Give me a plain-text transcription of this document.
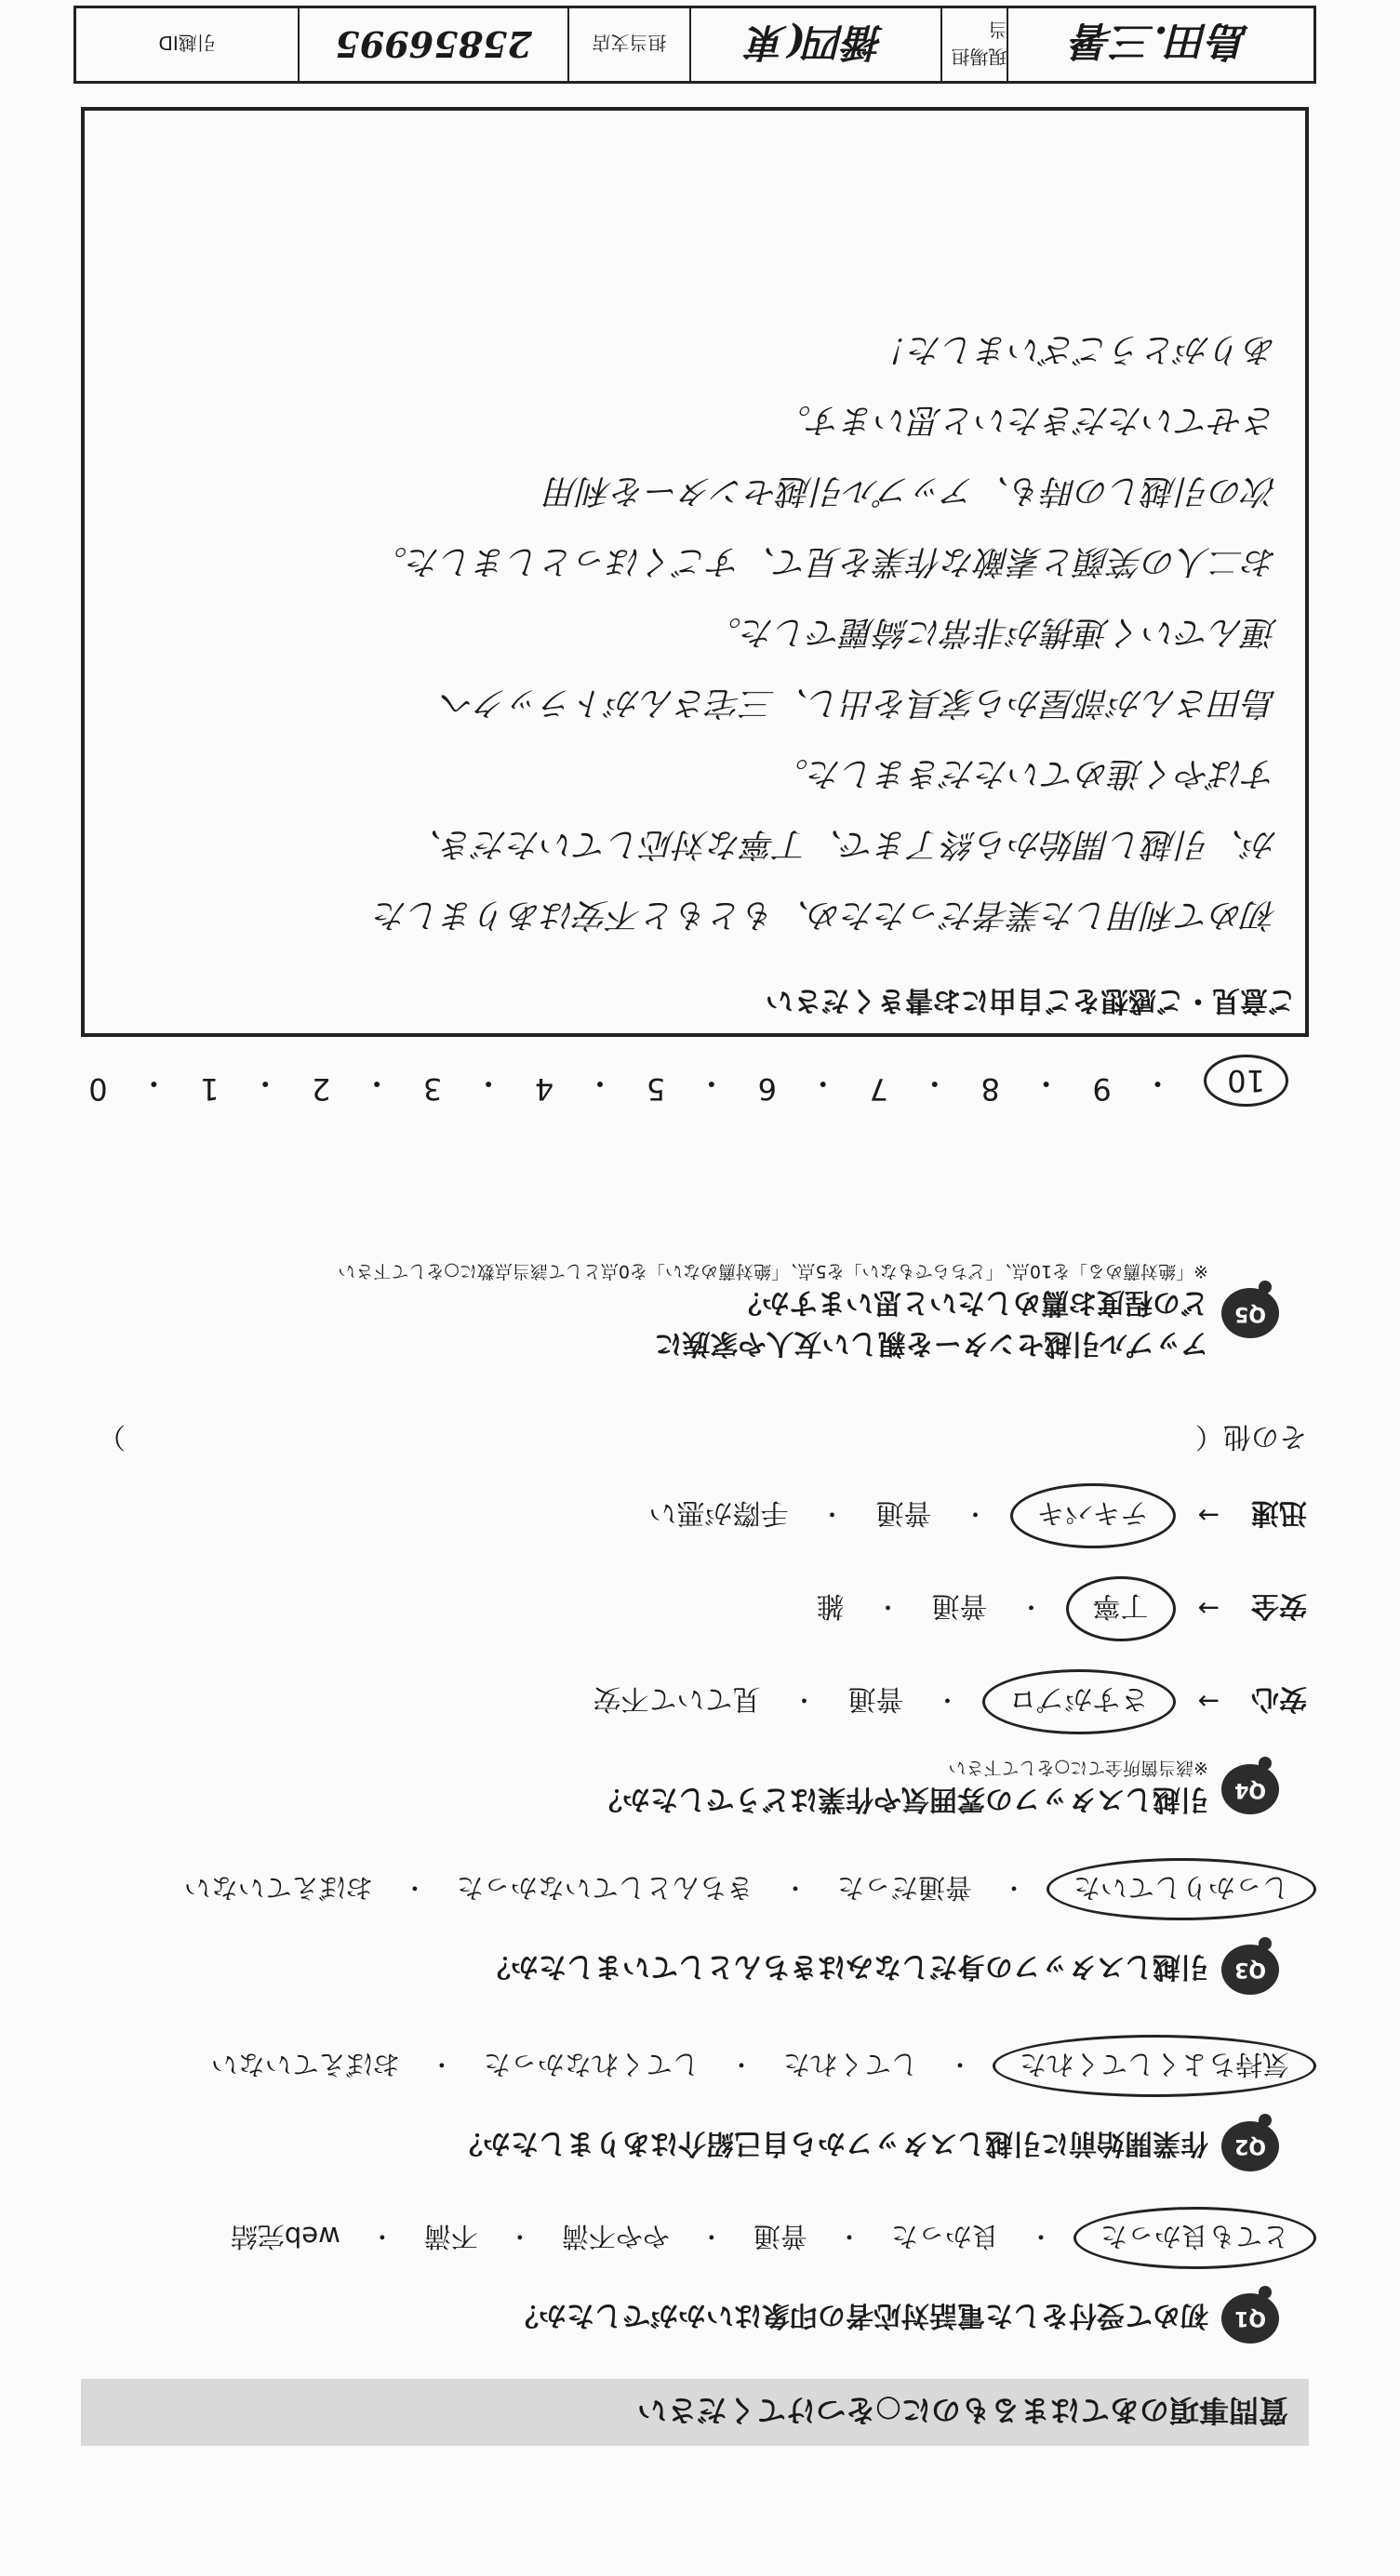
島田.三暑
現場担当
播四(東
担当支店
25856995
引越ID
質問事項のあてはまるものに○をつけてください
Q1
初めて受付をした電話対応者の印象はいかがでしたか？
とても良かった
・
良かった
・
普通
・
やや不満
・
不満
・
web完結
Q2
作業開始前に引越しスタッフから自己紹介はありましたか？
気持ちよくしてくれた
・
してくれた
・
してくれなかった
・
おぼえていない
Q3
引越しスタッフの身だしなみはきちんとしていましたか？
しっかりしていた
・
普通だった
・
きちんとしていなかった
・
おぼえていない
Q4
引越しスタッフの雰囲気や作業はどうでしたか？
※該当箇所全てに○をして下さい
安心
→
さすがプロ
・
普通
・
見ていて不安
安全
→
丁寧
・
普通
・
雑
迅速
→
テキパキ
・
普通
・
手際が悪い
その他（
）
Q5
アップル引越センターを親しい友人や家族に
どの程度お薦めしたいと思いますか？
※「絶対薦める」を10点、「どちらでもない」を5点、「絶対薦めない」を0点として該当点数に○をして下さい
10
・
9
・
8
・
7
・
6
・
5
・
4
・
3
・
2
・
1
・
0
ご意見・ご感想をご自由にお書きください
初めて利用した業者だったため、もともと不安はありました
が、引越し開始から終了まで、丁寧な対応していただき、
すばやく進めていただきました。
島田さんが部屋から家具を出し、三宅さんがトラックへ
運んでいく連携が非常に綺麗でした。
お二人の笑顔と素敵な作業を見て、すごくほっとしました。
次の引越しの時も、アップル引越センターを利用
させていただきたいと思います。
ありがとうございました！
